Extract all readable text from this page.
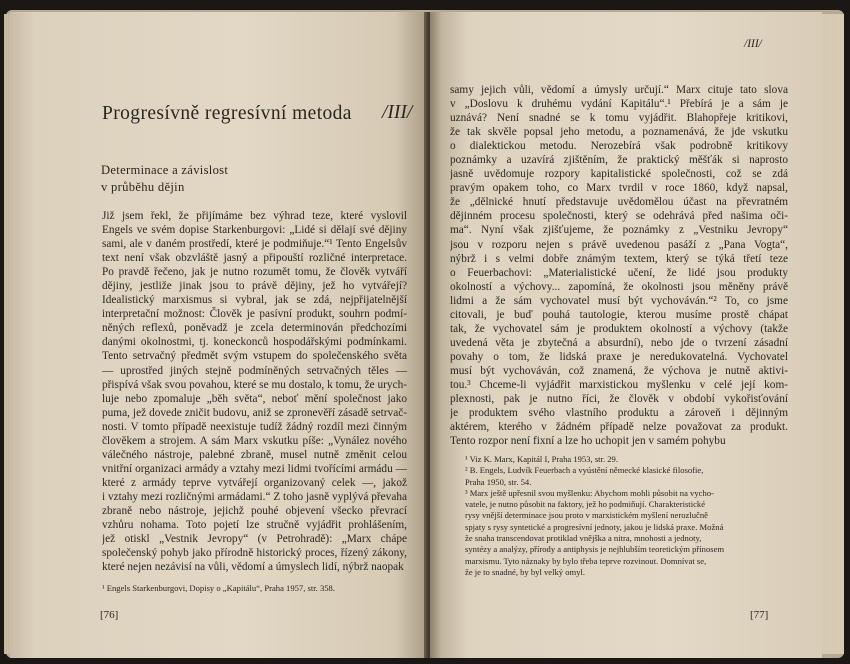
Progresívně regresívní metoda /III/
Determinace a závislost
v průběhu dějin
Již jsem řekl, že přijímáme bez výhrad teze, které vyslovil
Engels ve svém dopise Starkenburgovi: „Lidé si dělají své dějiny
sami, ale v daném prostředí, které je podmiňuje.“¹ Tento Engelsův
text není však obzvláště jasný a připouští rozličné interpretace.
Po pravdě řečeno, jak je nutno rozumět tomu, že člověk vytváří
dějiny, jestliže jinak jsou to právě dějiny, jež ho vytvářejí?
Idealistický marxismus si vybral, jak se zdá, nejpřijatelnější
interpretační možnost: Člověk je pasívní produkt, souhrn podmí-
něných reflexů, poněvadž je zcela determinován předchozími
danými okolnostmi, tj. koneckonců hospodářskými podmínkami.
Tento setrvačný předmět svým vstupem do společenského světa
— uprostřed jiných stejně podmíněných setrvačných těles —
přispívá však svou povahou, které se mu dostalo, k tomu, že urych-
luje nebo zpomaluje „běh světa“, neboť mění společnost jako
puma, jež dovede zničit budovu, aniž se zpronevěří zásadě setrvač-
nosti. V tomto případě neexistuje tudíž žádný rozdíl mezi činným
člověkem a strojem. A sám Marx vskutku píše: „Vynález nového
válečného nástroje, palebné zbraně, musel nutně změnit celou
vnitřní organizaci armády a vztahy mezi lidmi tvořícími armádu —
které z armády teprve vytvářejí organizovaný celek —, jakož
i vztahy mezi rozličnými armádami.“ Z toho jasně vyplývá převaha
zbraně nebo nástroje, jejichž pouhé objevení všecko převrací
vzhůru nohama. Toto pojetí lze stručně vyjádřit prohlášením,
jež otiskl „Vestnik Jevropy“ (v Petrohradě): „Marx chápe
společenský pohyb jako přírodně historický proces, řízený zákony,
které nejen nezávisí na vůli, vědomí a úmyslech lidí, nýbrž naopak
¹ Engels Starkenburgovi, Dopisy o „Kapitálu“, Praha 1957, str. 358.
[76]
/III/
samy jejich vůli, vědomí a úmysly určují.“ Marx cituje tato slova
v „Doslovu k druhému vydání Kapitálu“.¹ Přebírá je a sám je
uznává? Není snadné se k tomu vyjádřit. Blahopřeje kritikovi,
že tak skvěle popsal jeho metodu, a poznamenává, že jde vskutku
o dialektickou metodu. Nerozebírá však podrobně kritikovy
poznámky a uzavírá zjištěním, že praktický měšťák si naprosto
jasně uvědomuje rozpory kapitalistické společnosti, což se zdá
pravým opakem toho, co Marx tvrdil v roce 1860, když napsal,
že „dělnické hnutí představuje uvědomělou účast na převratném
dějinném procesu společnosti, který se odehrává před našima oči-
ma“. Nyní však zjišťujeme, že poznámky z „Vestniku Jevropy“
jsou v rozporu nejen s právě uvedenou pasáží z „Pana Vogta“,
nýbrž i s velmi dobře známým textem, který se týká třetí teze
o Feuerbachovi: „Materialistické učení, že lidé jsou produkty
okolností a výchovy... zapomíná, že okolnosti jsou měněny právě
lidmi a že sám vychovatel musí být vychováván.“² To, co jsme
citovali, je buď pouhá tautologie, kterou musíme prostě chápat
tak, že vychovatel sám je produktem okolností a výchovy (takže
uvedená věta je zbytečná a absurdní), nebo jde o tvrzení zásadní
povahy o tom, že lidská praxe je neredukovatelná. Vychovatel
musí být vychováván, což znamená, že výchova je nutně aktivi-
tou.³ Chceme-li vyjádřit marxistickou myšlenku v celé její kom-
plexnosti, pak je nutno říci, že člověk v období vykořisťování
je produktem svého vlastního produktu a zároveň i dějinným
aktérem, kterého v žádném případě nelze považovat za produkt.
Tento rozpor není fixní a lze ho uchopit jen v samém pohybu
¹ Viz K. Marx, Kapitál I, Praha 1953, str. 29.
² B. Engels, Ludvík Feuerbach a vyústění německé klasické filosofie,
Praha 1950, str. 54.
³ Marx ještě upřesnil svou myšlenku: Abychom mohli působit na vycho-
vatele, je nutno působit na faktory, jež ho podmiňují. Charakteristické
rysy vnější determinace jsou proto v marxistickém myšlení nerozlučně
spjaty s rysy syntetické a progresívní jednoty, jakou je lidská praxe. Možná
že snaha transcendovat protiklad vnějška a nitra, mnohosti a jednoty,
syntézy a analýzy, přírody a antiphysis je nejhlubším teoretickým přínosem
marxismu. Tyto náznaky by bylo třeba teprve rozvinout. Domnívat se,
že je to snadné, by byl velký omyl.
[77]
